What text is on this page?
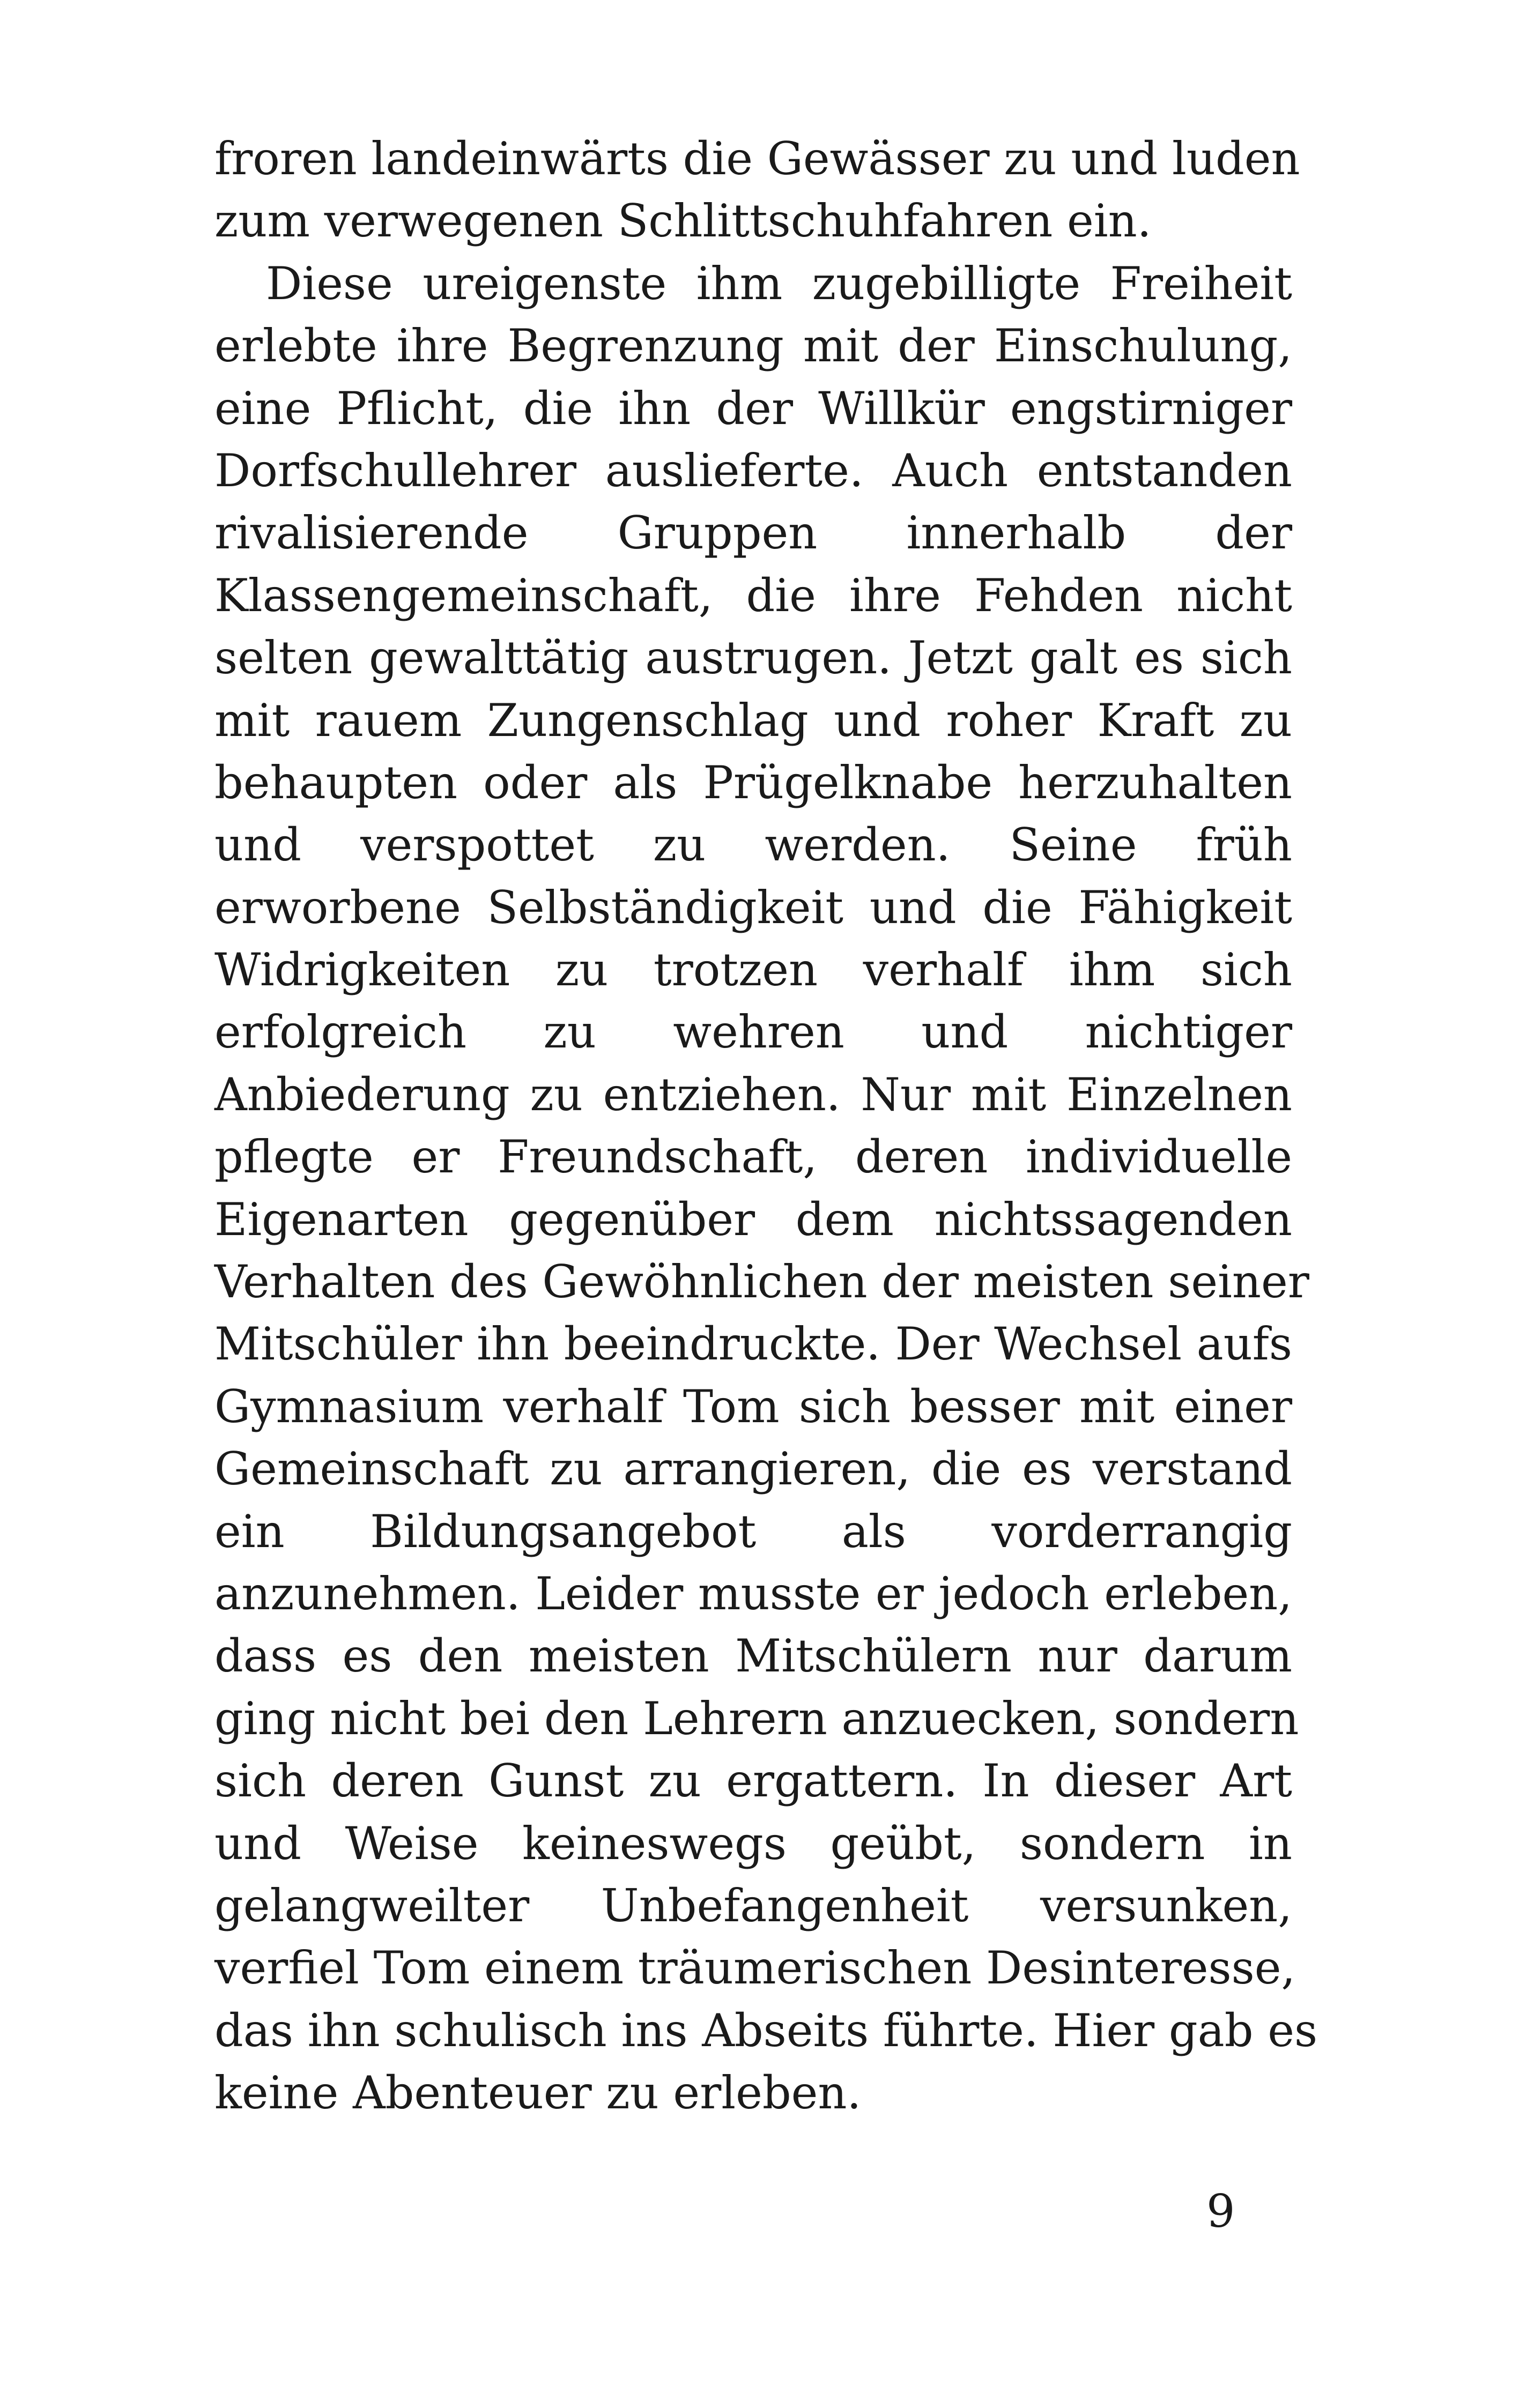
froren landeinwärts die Gewässer zu und luden
zum verwegenen Schlittschuhfahren ein.
Diese ureigenste ihm zugebilligte Freiheit
erlebte ihre Begrenzung mit der Einschulung,
eine Pflicht, die ihn der Willkür engstirniger
Dorfschullehrer auslieferte. Auch entstanden
rivalisierende Gruppen innerhalb der
Klassengemeinschaft, die ihre Fehden nicht
selten gewalttätig austrugen. Jetzt galt es sich
mit rauem Zungenschlag und roher Kraft zu
behaupten oder als Prügelknabe herzuhalten
und verspottet zu werden. Seine früh
erworbene Selbständigkeit und die Fähigkeit
Widrigkeiten zu trotzen verhalf ihm sich
erfolgreich zu wehren und nichtiger
Anbiederung zu entziehen. Nur mit Einzelnen
pflegte er Freundschaft, deren individuelle
Eigenarten gegenüber dem nichtssagenden
Verhalten des Gewöhnlichen der meisten seiner
Mitschüler ihn beeindruckte. Der Wechsel aufs
Gymnasium verhalf Tom sich besser mit einer
Gemeinschaft zu arrangieren, die es verstand
ein Bildungsangebot als vorderrangig
anzunehmen. Leider musste er jedoch erleben,
dass es den meisten Mitschülern nur darum
ging nicht bei den Lehrern anzuecken, sondern
sich deren Gunst zu ergattern. In dieser Art
und Weise keineswegs geübt, sondern in
gelangweilter Unbefangenheit versunken,
verfiel Tom einem träumerischen Desinteresse,
das ihn schulisch ins Abseits führte. Hier gab es
keine Abenteuer zu erleben.
9
